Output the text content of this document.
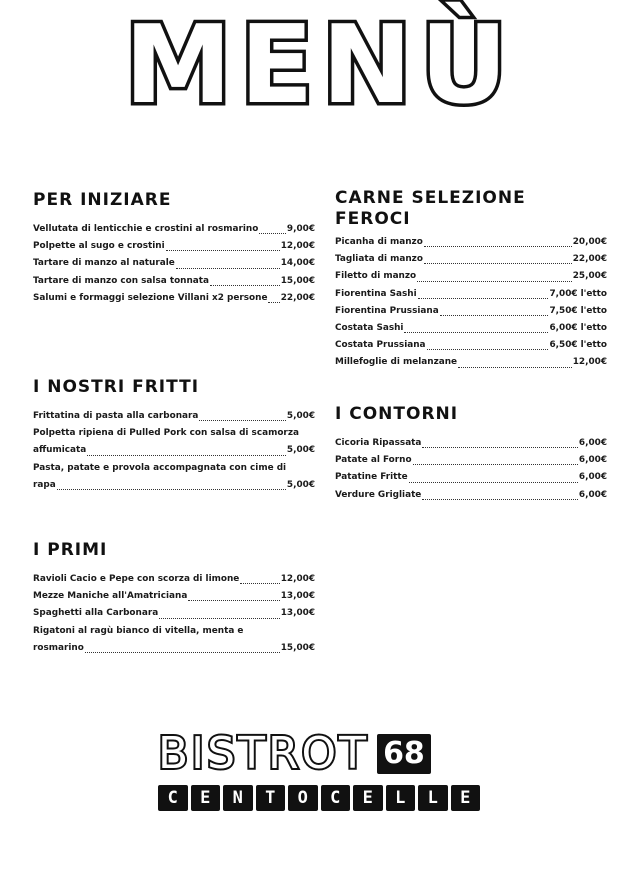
MENÙ
PER INIZIARE
Vellutata di lenticchie e crostini al rosmarino	9,00€
Polpette al sugo e crostini	12,00€
Tartare di manzo al naturale	14,00€
Tartare di manzo con salsa tonnata	15,00€
Salumi e formaggi selezione Villani x2 persone 22,00€
I NOSTRI FRITTI
Frittatina di pasta alla carbonara	5,00€
Polpetta ripiena di Pulled Pork con salsa di scamorza
affumicata	5,00€
Pasta, patate e provola accompagnata con cime di
rapa	5,00€
I PRIMI
Ravioli Cacio e Pepe con scorza di limone	12,00€
Mezze Maniche all'Amatriciana	13,00€
Spaghetti alla Carbonara	13,00€
Rigatoni al ragù bianco di vitella, menta e
rosmarino	15,00€
CARNE SELEZIONE
FEROCI
Picanha di manzo	20,00€
Tagliata di manzo	22,00€
Filetto di manzo	25,00€
Fiorentina Sashi	7,00€ l'etto
Fiorentina Prussiana	7,50€ l'etto
Costata Sashi	6,00€ l'etto
Costata Prussiana	6,50€ l'etto
Millefoglie di melanzane	12,00€
I CONTORNI
Cicoria Ripassata	6,00€
Patate al Forno	6,00€
Patatine Fritte	6,00€
Verdure Grigliate	6,00€
BISTROT 68
C	E	N	T	O	C	E	L	L	E
